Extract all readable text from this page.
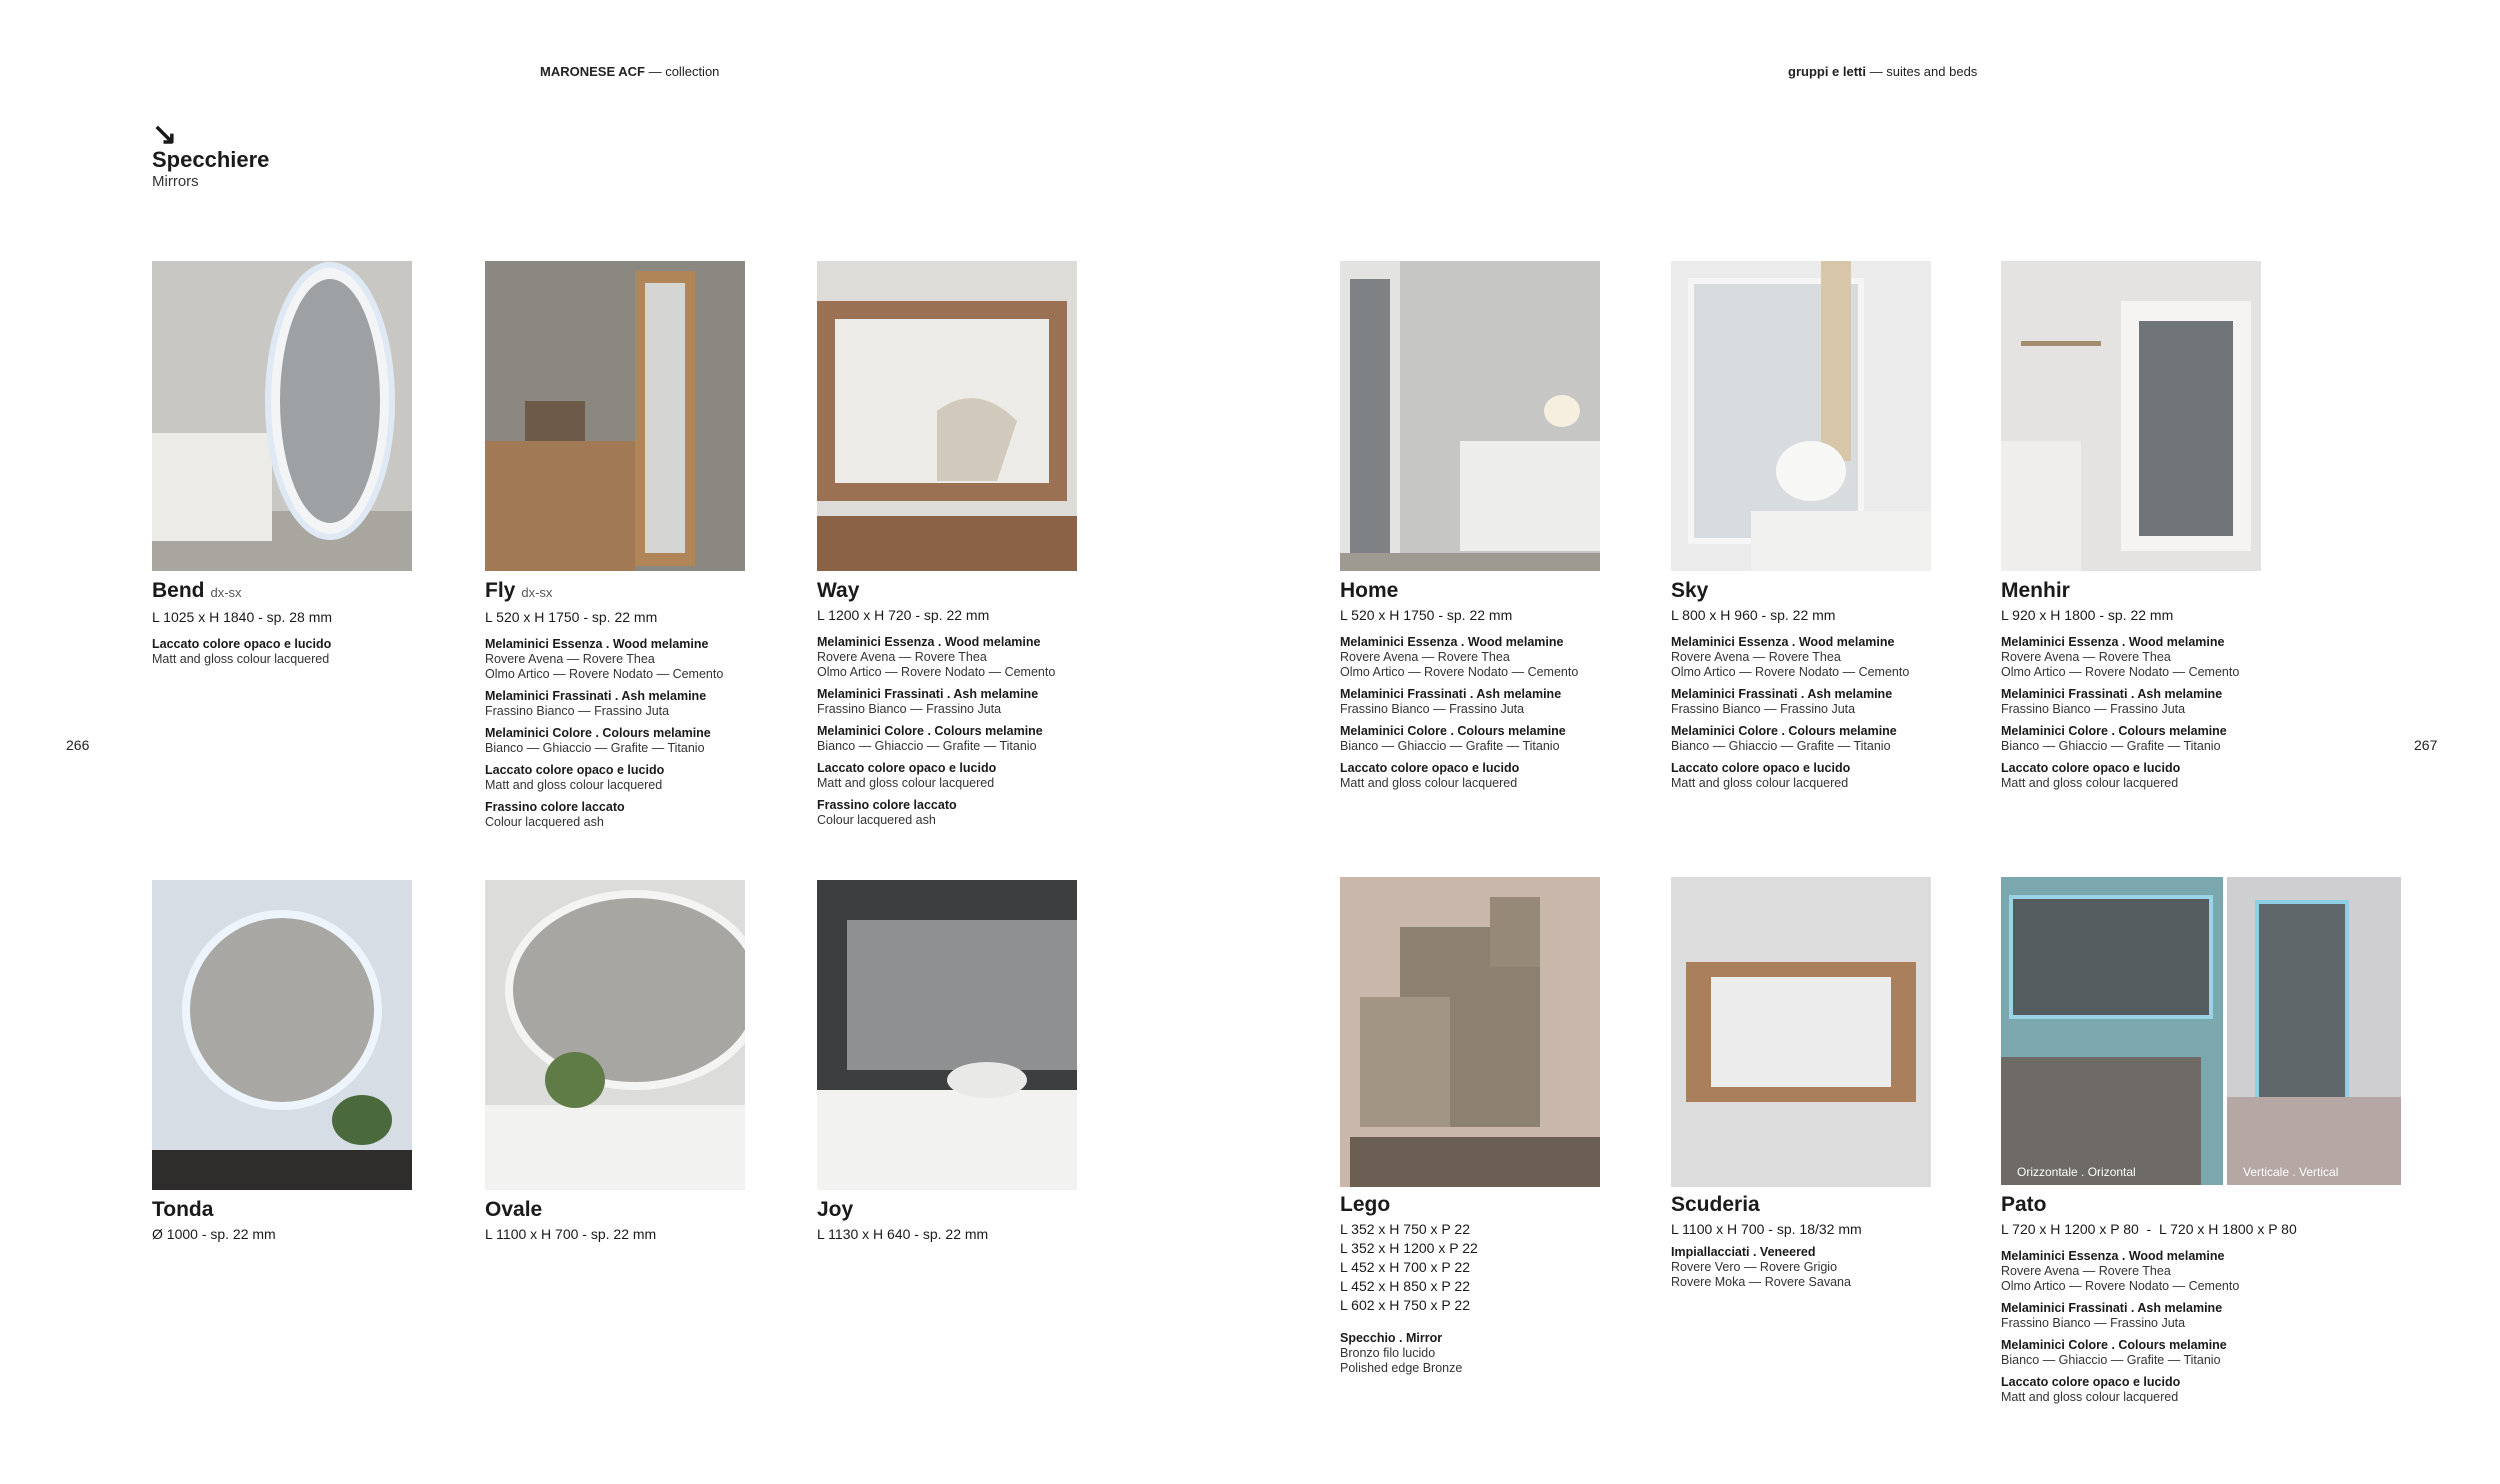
MARONESE ACF — collection	gruppi e letti — suites and beds
266	267
↘
Specchiere
Mirrors
Orizzontale . Orizontal	Verticale . Vertical
Bend dx-sx
L 1025 x H 1840 - sp. 28 mm
Laccato colore opaco e lucido
Matt and gloss colour lacquered
Fly dx-sx
L 520 x H 1750 - sp. 22 mm
Melaminici Essenza . Wood melamine
Rovere Avena — Rovere Thea
Olmo Artico — Rovere Nodato — Cemento
Melaminici Frassinati . Ash melamine
Frassino Bianco — Frassino Juta
Melaminici Colore . Colours melamine
Bianco — Ghiaccio — Grafite — Titanio
Laccato colore opaco e lucido
Matt and gloss colour lacquered
Frassino colore laccato
Colour lacquered ash
Way
L 1200 x H 720 - sp. 22 mm
Melaminici Essenza . Wood melamine
Rovere Avena — Rovere Thea
Olmo Artico — Rovere Nodato — Cemento
Melaminici Frassinati . Ash melamine
Frassino Bianco — Frassino Juta
Melaminici Colore . Colours melamine
Bianco — Ghiaccio — Grafite — Titanio
Laccato colore opaco e lucido
Matt and gloss colour lacquered
Frassino colore laccato
Colour lacquered ash
Home
L 520 x H 1750 - sp. 22 mm
Melaminici Essenza . Wood melamine
Rovere Avena — Rovere Thea
Olmo Artico — Rovere Nodato — Cemento
Melaminici Frassinati . Ash melamine
Frassino Bianco — Frassino Juta
Melaminici Colore . Colours melamine
Bianco — Ghiaccio — Grafite — Titanio
Laccato colore opaco e lucido
Matt and gloss colour lacquered
Sky
L 800 x H 960 - sp. 22 mm
Melaminici Essenza . Wood melamine
Rovere Avena — Rovere Thea
Olmo Artico — Rovere Nodato — Cemento
Melaminici Frassinati . Ash melamine
Frassino Bianco — Frassino Juta
Melaminici Colore . Colours melamine
Bianco — Ghiaccio — Grafite — Titanio
Laccato colore opaco e lucido
Matt and gloss colour lacquered
Menhir
L 920 x H 1800 - sp. 22 mm
Melaminici Essenza . Wood melamine
Rovere Avena — Rovere Thea
Olmo Artico — Rovere Nodato — Cemento
Melaminici Frassinati . Ash melamine
Frassino Bianco — Frassino Juta
Melaminici Colore . Colours melamine
Bianco — Ghiaccio — Grafite — Titanio
Laccato colore opaco e lucido
Matt and gloss colour lacquered
Tonda
Ø 1000 - sp. 22 mm
Ovale
L 1100 x H 700 - sp. 22 mm
Joy
L 1130 x H 640 - sp. 22 mm
Lego
L 352 x H 750 x P 22
L 352 x H 1200 x P 22
L 452 x H 700 x P 22
L 452 x H 850 x P 22
L 602 x H 750 x P 22
Specchio . Mirror
Bronzo filo lucido
Polished edge Bronze
Scuderia
L 1100 x H 700 - sp. 18/32 mm
Impiallacciati . Veneered
Rovere Vero — Rovere Grigio
Rovere Moka — Rovere Savana
Pato
L 720 x H 1200 x P 80  -  L 720 x H 1800 x P 80
Melaminici Essenza . Wood melamine
Rovere Avena — Rovere Thea
Olmo Artico — Rovere Nodato — Cemento
Melaminici Frassinati . Ash melamine
Frassino Bianco — Frassino Juta
Melaminici Colore . Colours melamine
Bianco — Ghiaccio — Grafite — Titanio
Laccato colore opaco e lucido
Matt and gloss colour lacquered
